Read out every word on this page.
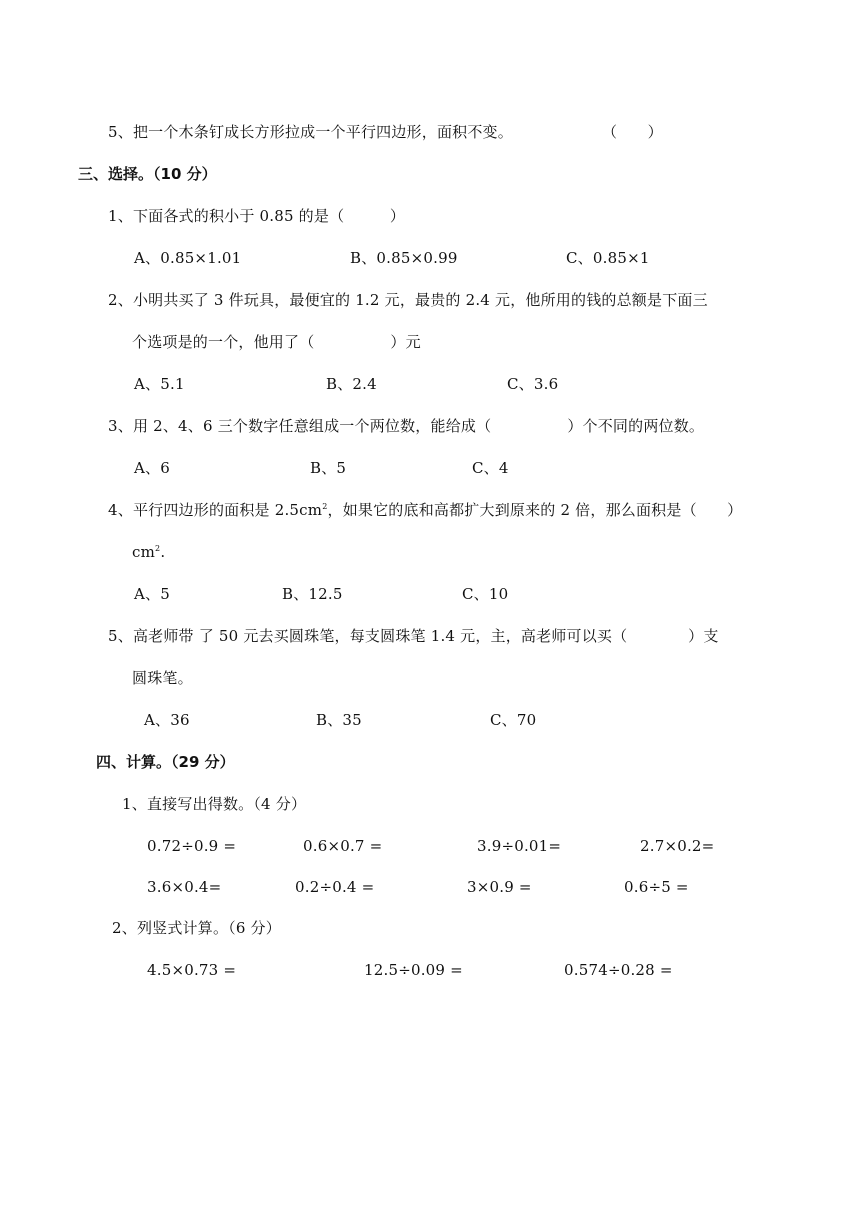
5、把一个木条钉成长方形拉成一个平行四边形，面积不变。	（　　）
三、选择。（10 分）
1、下面各式的积小于 0.85 的是（　　　）
A、0.85×1.01	B、0.85×0.99	C、0.85×1
2、小明共买了 3 件玩具，最便宜的 1.2 元，最贵的 2.4 元，他所用的钱的总额是下面三
个选项是的一个，他用了（　　　　　）元
A、5.1	B、2.4	C、3.6
3、用 2、4、6 三个数字任意组成一个两位数，能给成（　　　　　）个不同的两位数。
A、6	B、5	C、4
4、平行四边形的面积是 $2.5cm^2$，如果它的底和高都扩大到原来的 2 倍，那么面积是（　　）
$cm^2$.
A、5	B、12.5	C、10
5、高老师带 了 50 元去买圆珠笔，每支圆珠笔 1.4 元，主，高老师可以买（　　　　）支
圆珠笔。
A、36	B、35	C、70
四、计算。（29 分）
1、直接写出得数。（4 分）
0.72÷0.9 =	0.6×0.7 =	3.9÷0.01=	2.7×0.2=
3.6×0.4=	0.2÷0.4 =	3×0.9 =	0.6÷5 =
2、列竖式计算。（6 分）
4.5×0.73 =	12.5÷0.09 =	0.574÷0.28 =
